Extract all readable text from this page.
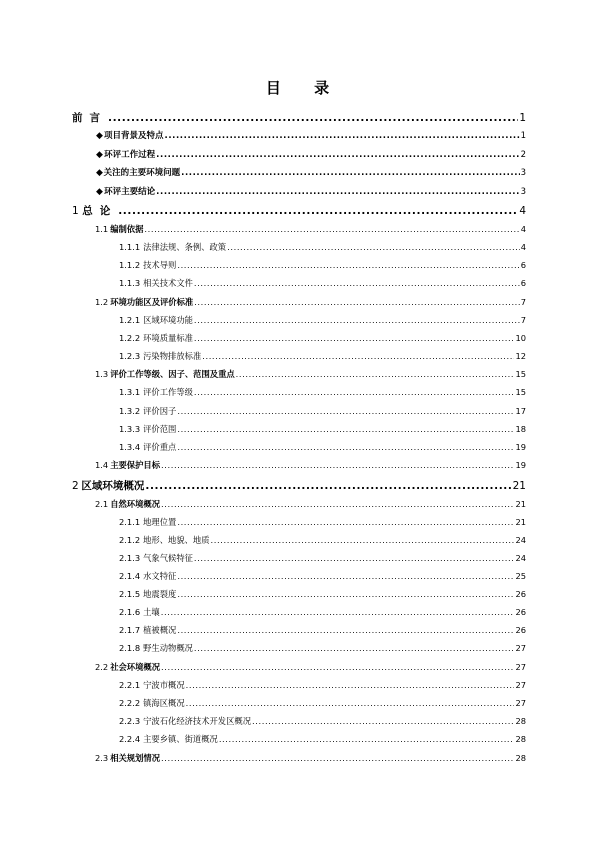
目 录
前言 .....	1
◆ 项目背景及特点 .....	1
◆ 环评工作过程 .....	2
◆ 关注的主要环境问题 .....	3
◆ 环评主要结论 .....	3
1 总论 .....	4
1.1 编制依据 .....	4
1.1.1 法律法规、条例、政策 .....	4
1.1.2 技术导则 .....	6
1.1.3 相关技术文件 .....	6
1.2 环境功能区及评价标准 .....	7
1.2.1 区域环境功能 .....	7
1.2.2 环境质量标准 .....	10
1.2.3 污染物排放标准 .....	12
1.3 评价工作等级、因子、范围及重点 .....	15
1.3.1 评价工作等级 .....	15
1.3.2 评价因子 .....	17
1.3.3 评价范围 .....	18
1.3.4 评价重点 .....	19
1.4 主要保护目标 .....	19
2 区域环境概况 .....	21
2.1 自然环境概况 .....	21
2.1.1 地理位置 .....	21
2.1.2 地形、地貌、地质 .....	24
2.1.3 气象气候特征 .....	24
2.1.4 水文特征 .....	25
2.1.5 地震裂度 .....	26
2.1.6 土壤 .....	26
2.1.7 植被概况 .....	26
2.1.8 野生动物概况 .....	27
2.2 社会环境概况 .....	27
2.2.1 宁波市概况 .....	27
2.2.2 镇海区概况 .....	27
2.2.3 宁波石化经济技术开发区概况 .....	28
2.2.4 主要乡镇、街道概况 .....	28
2.3 相关规划情况 .....	28
